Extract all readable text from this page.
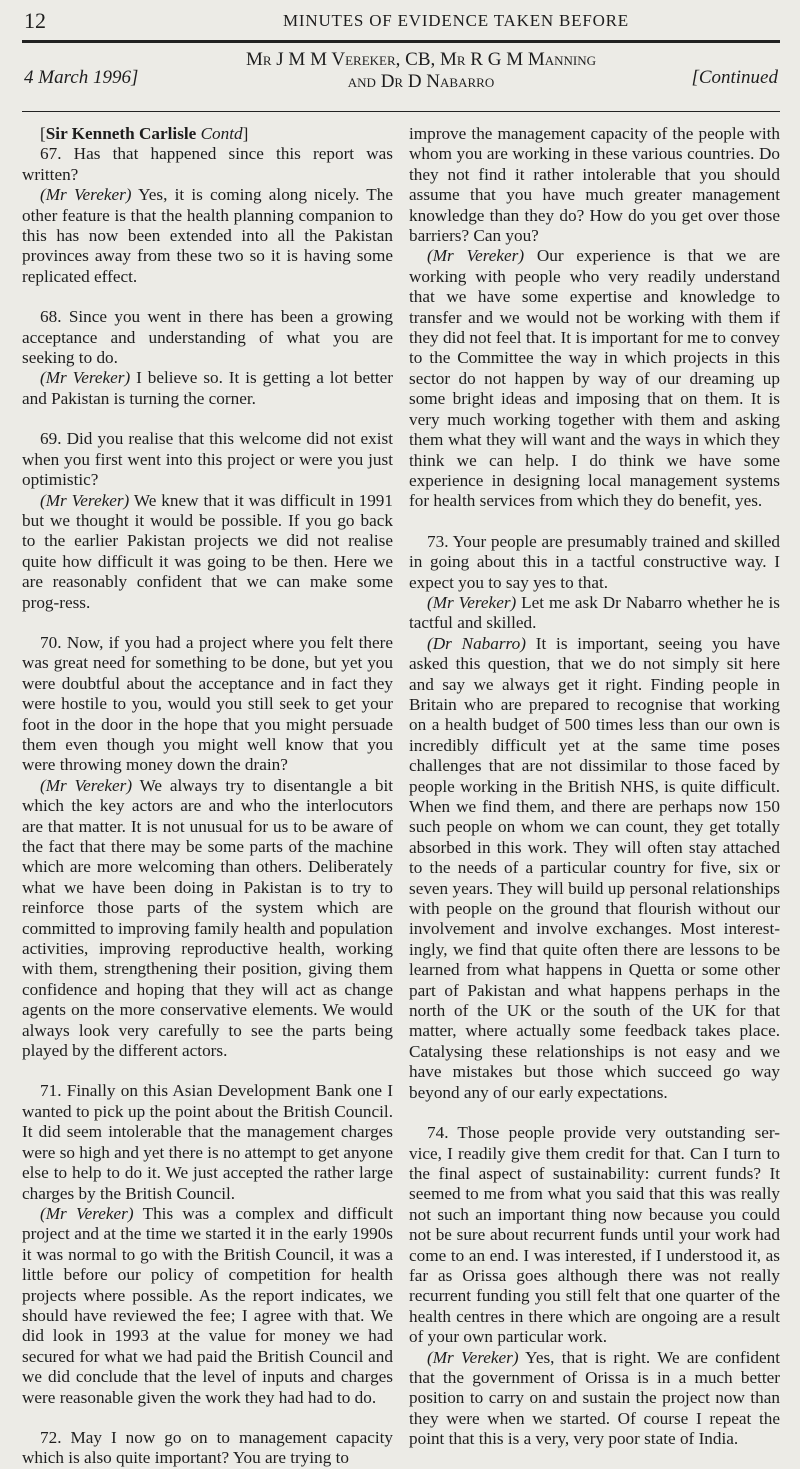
12	MINUTES OF EVIDENCE TAKEN BEFORE
4 March 1996]
Mr J M M Vereker, CB, Mr R G M Manning
and Dr D Nabarro	[Continued

[Sir Kenneth Carlisle Contd]

67. Has that happened since this report was written?

(Mr Vereker) Yes, it is coming along nicely. The other feature is that the health planning companion to this has now been extended into all the Pakistan provinces away from these two so it is having some replicated effect.

68. Since you went in there has been a growing acceptance and understanding of what you are seeking to do.

(Mr Vereker) I believe so. It is getting a lot better and Pakistan is turning the corner.

69. Did you realise that this welcome did not exist when you first went into this project or were you just optimistic?

(Mr Vereker) We knew that it was difficult in 1991 but we thought it would be possible. If you go back to the earlier Pakistan projects we did not realise quite how difficult it was going to be then. Here we are reasonably confident that we can make some prog-ress.

70. Now, if you had a project where you felt there was great need for something to be done, but yet you were doubtful about the acceptance and in fact they were hostile to you, would you still seek to get your foot in the door in the hope that you might persuade them even though you might well know that you were throwing money down the drain?

(Mr Vereker) We always try to disentangle a bit which the key actors are and who the interlocutors are that matter. It is not unusual for us to be aware of the fact that there may be some parts of the machine which are more welcoming than others. Deliberately what we have been doing in Pakistan is to try to reinforce those parts of the system which are committed to improving family health and population activities, improving reproductive health, working with them, strengthening their position, giving them confidence and hoping that they will act as change agents on the more conservative elements. We would always look very carefully to see the parts being played by the different actors.

71. Finally on this Asian Development Bank one I wanted to pick up the point about the British Council. It did seem intolerable that the management charges were so high and yet there is no attempt to get anyone else to help to do it. We just accepted the rather large charges by the British Council.

(Mr Vereker) This was a complex and difficult project and at the time we started it in the early 1990s it was normal to go with the British Council, it was a little before our policy of competition for health projects where possible. As the report indicates, we should have reviewed the fee; I agree with that. We did look in 1993 at the value for money we had secured for what we had paid the British Council and we did conclude that the level of inputs and charges were reasonable given the work they had had to do.

72. May I now go on to management capacity which is also quite important? You are trying to

improve the management capacity of the people with whom you are working in these various countries. Do they not find it rather intolerable that you should assume that you have much greater management knowledge than they do? How do you get over those barriers? Can you?

(Mr Vereker) Our experience is that we are working with people who very readily understand that we have some expertise and knowledge to transfer and we would not be working with them if they did not feel that. It is important for me to convey to the Committee the way in which projects in this sector do not happen by way of our dreaming up some bright ideas and imposing that on them. It is very much working together with them and asking them what they will want and the ways in which they think we can help. I do think we have some experience in designing local management systems for health services from which they do benefit, yes.

73. Your people are presumably trained and skilled in going about this in a tactful constructive way. I expect you to say yes to that.

(Mr Vereker) Let me ask Dr Nabarro whether he is tactful and skilled.

(Dr Nabarro) It is important, seeing you have asked this question, that we do not simply sit here and say we always get it right. Finding people in Britain who are prepared to recognise that working on a health budget of 500 times less than our own is incredibly difficult yet at the same time poses challenges that are not dissimilar to those faced by people working in the British NHS, is quite difficult. When we find them, and there are perhaps now 150 such people on whom we can count, they get totally absorbed in this work. They will often stay attached to the needs of a particular country for five, six or seven years. They will build up personal relationships with people on the ground that flourish without our involvement and involve exchanges. Most interest-ingly, we find that quite often there are lessons to be learned from what happens in Quetta or some other part of Pakistan and what happens perhaps in the north of the UK or the south of the UK for that matter, where actually some feedback takes place. Catalysing these relationships is not easy and we have mistakes but those which succeed go way beyond any of our early expectations.

74. Those people provide very outstanding ser-vice, I readily give them credit for that. Can I turn to the final aspect of sustainability: current funds? It seemed to me from what you said that this was really not such an important thing now because you could not be sure about recurrent funds until your work had come to an end. I was interested, if I understood it, as far as Orissa goes although there was not really recurrent funding you still felt that one quarter of the health centres in there which are ongoing are a result of your own particular work.

(Mr Vereker) Yes, that is right. We are confident that the government of Orissa is in a much better position to carry on and sustain the project now than they were when we started. Of course I repeat the point that this is a very, very poor state of India.
